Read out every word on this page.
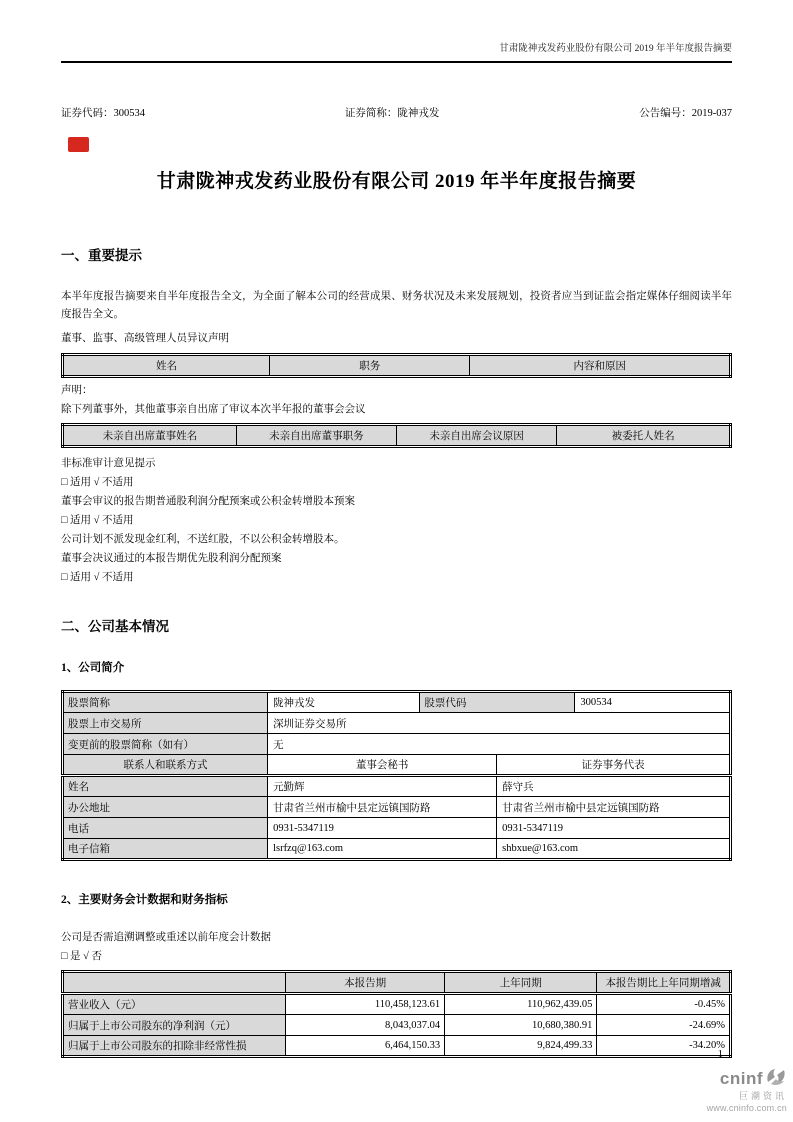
甘肃陇神戎发药业股份有限公司 2019 年半年度报告摘要
证券代码：300534	证券简称：陇神戎发	公告编号：2019-037
甘肃陇神戎发药业股份有限公司 2019 年半年度报告摘要
一、重要提示

本半年度报告摘要来自半年度报告全文，为全面了解本公司的经营成果、财务状况及未来发展规划，投资者应当到证监会指定媒体仔细阅读半年度报告全文。

董事、监事、高级管理人员异议声明
姓名	职务	内容和原因
声明：
除下列董事外，其他董事亲自出席了审议本次半年报的董事会会议
未亲自出席董事姓名	未亲自出席董事职务	未亲自出席会议原因	被委托人姓名
非标准审计意见提示
□ 适用 √ 不适用
董事会审议的报告期普通股利润分配预案或公积金转增股本预案
□ 适用 √ 不适用
公司计划不派发现金红利，不送红股，不以公积金转增股本。
董事会决议通过的本报告期优先股利润分配预案
□ 适用 √ 不适用
二、公司基本情况
1、公司简介
股票简称	陇神戎发	股票代码		300534
股票上市交易所	深圳证券交易所			
变更前的股票简称（如有）	无			
联系人和联系方式	董事会秘书		证券事务代表	
姓名	元勤辉		薛守兵	
办公地址	甘肃省兰州市榆中县定远镇国防路		甘肃省兰州市榆中县定远镇国防路	
电话	0931-5347119		0931-5347119	
电子信箱	lsrfzq@163.com		shbxue@163.com	
2、主要财务会计数据和财务指标
公司是否需追溯调整或重述以前年度会计数据
□ 是 √ 否
	本报告期	上年同期	本报告期比上年同期增减
营业收入（元）	110,458,123.61	110,962,439.05	-0.45%
归属于上市公司股东的净利润（元）	8,043,037.04	10,680,380.91	-24.69%
归属于上市公司股东的扣除非经常性损	6,464,150.33	9,824,499.33	-34.20%
1
cninf
巨潮资讯
www.cninfo.com.cn
